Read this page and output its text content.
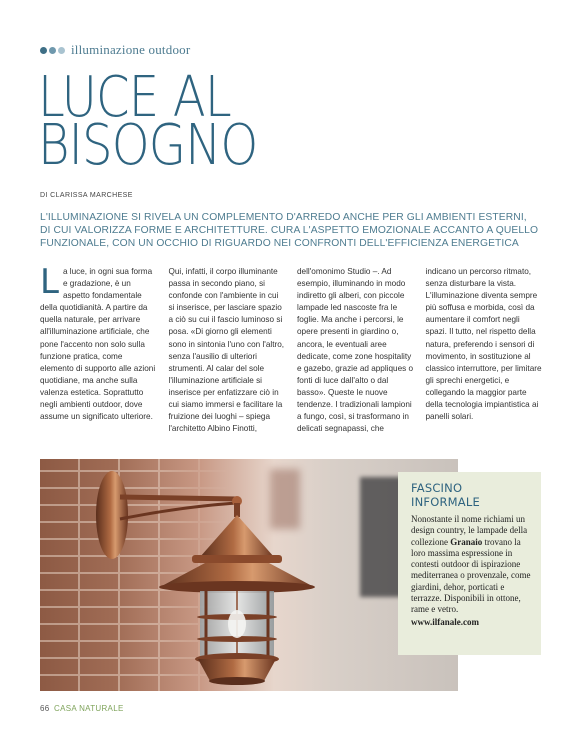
illuminazione outdoor
LUCE AL
BISOGNO
DI CLARISSA MARCHESE
L'ILLUMINAZIONE SI RIVELA UN COMPLEMENTO D'ARREDO ANCHE PER GLI AMBIENTI ESTERNI, DI CUI VALORIZZA FORME E ARCHITETTURE. CURA L'ASPETTO EMOZIONALE ACCANTO A QUELLO FUNZIONALE, CON UN OCCHIO DI RIGUARDO NEI CONFRONTI DELL'EFFICIENZA ENERGETICA
La luce, in ogni sua forma e gradazione, è un aspetto fondamentale della quotidianità. A partire da quella naturale, per arrivare all'illuminazione artificiale, che pone l'accento non solo sulla funzione pratica, come elemento di supporto alle azioni quotidiane, ma anche sulla valenza estetica. Soprattutto negli ambienti outdoor, dove assume un significato ulteriore.
Qui, infatti, il corpo illuminante passa in secondo piano, si confonde con l'ambiente in cui si inserisce, per lasciare spazio a ciò su cui il fascio luminoso si posa. «Di giorno gli elementi sono in sintonia l'uno con l'altro, senza l'ausilio di ulteriori strumenti. Al calar del sole l'illuminazione artificiale si inserisce per enfatizzare ciò in cui siamo immersi e facilitare la fruizione dei luoghi – spiega l'architetto Albino Finotti,
dell'omonimo Studio –. Ad esempio, illuminando in modo indiretto gli alberi, con piccole lampade led nascoste fra le foglie. Ma anche i percorsi, le opere presenti in giardino o, ancora, le eventuali aree dedicate, come zone hospitality e gazebo, grazie ad appliques o fonti di luce dall'alto o dal basso». Queste le nuove tendenze. I tradizionali lampioni a fungo, così, si trasformano in delicati segnapassi, che
indicano un percorso ritmato, senza disturbare la vista. L'illuminazione diventa sempre più soffusa e morbida, così da aumentare il comfort negli spazi. Il tutto, nel rispetto della natura, preferendo i sensori di movimento, in sostituzione al classico interruttore, per limitare gli sprechi energetici, e collegando la maggior parte della tecnologia impiantistica ai panelli solari.
FASCINO INFORMALE
Nonostante il nome richiami un design country, le lampade della collezione Granaio trovano la loro massima espressione in contesti outdoor di ispirazione mediterranea o provenzale, come giardini, dehor, porticati e terrazze. Disponibili in ottone, rame e vetro.
www.ilfanale.com
66 CASA NATURALE
